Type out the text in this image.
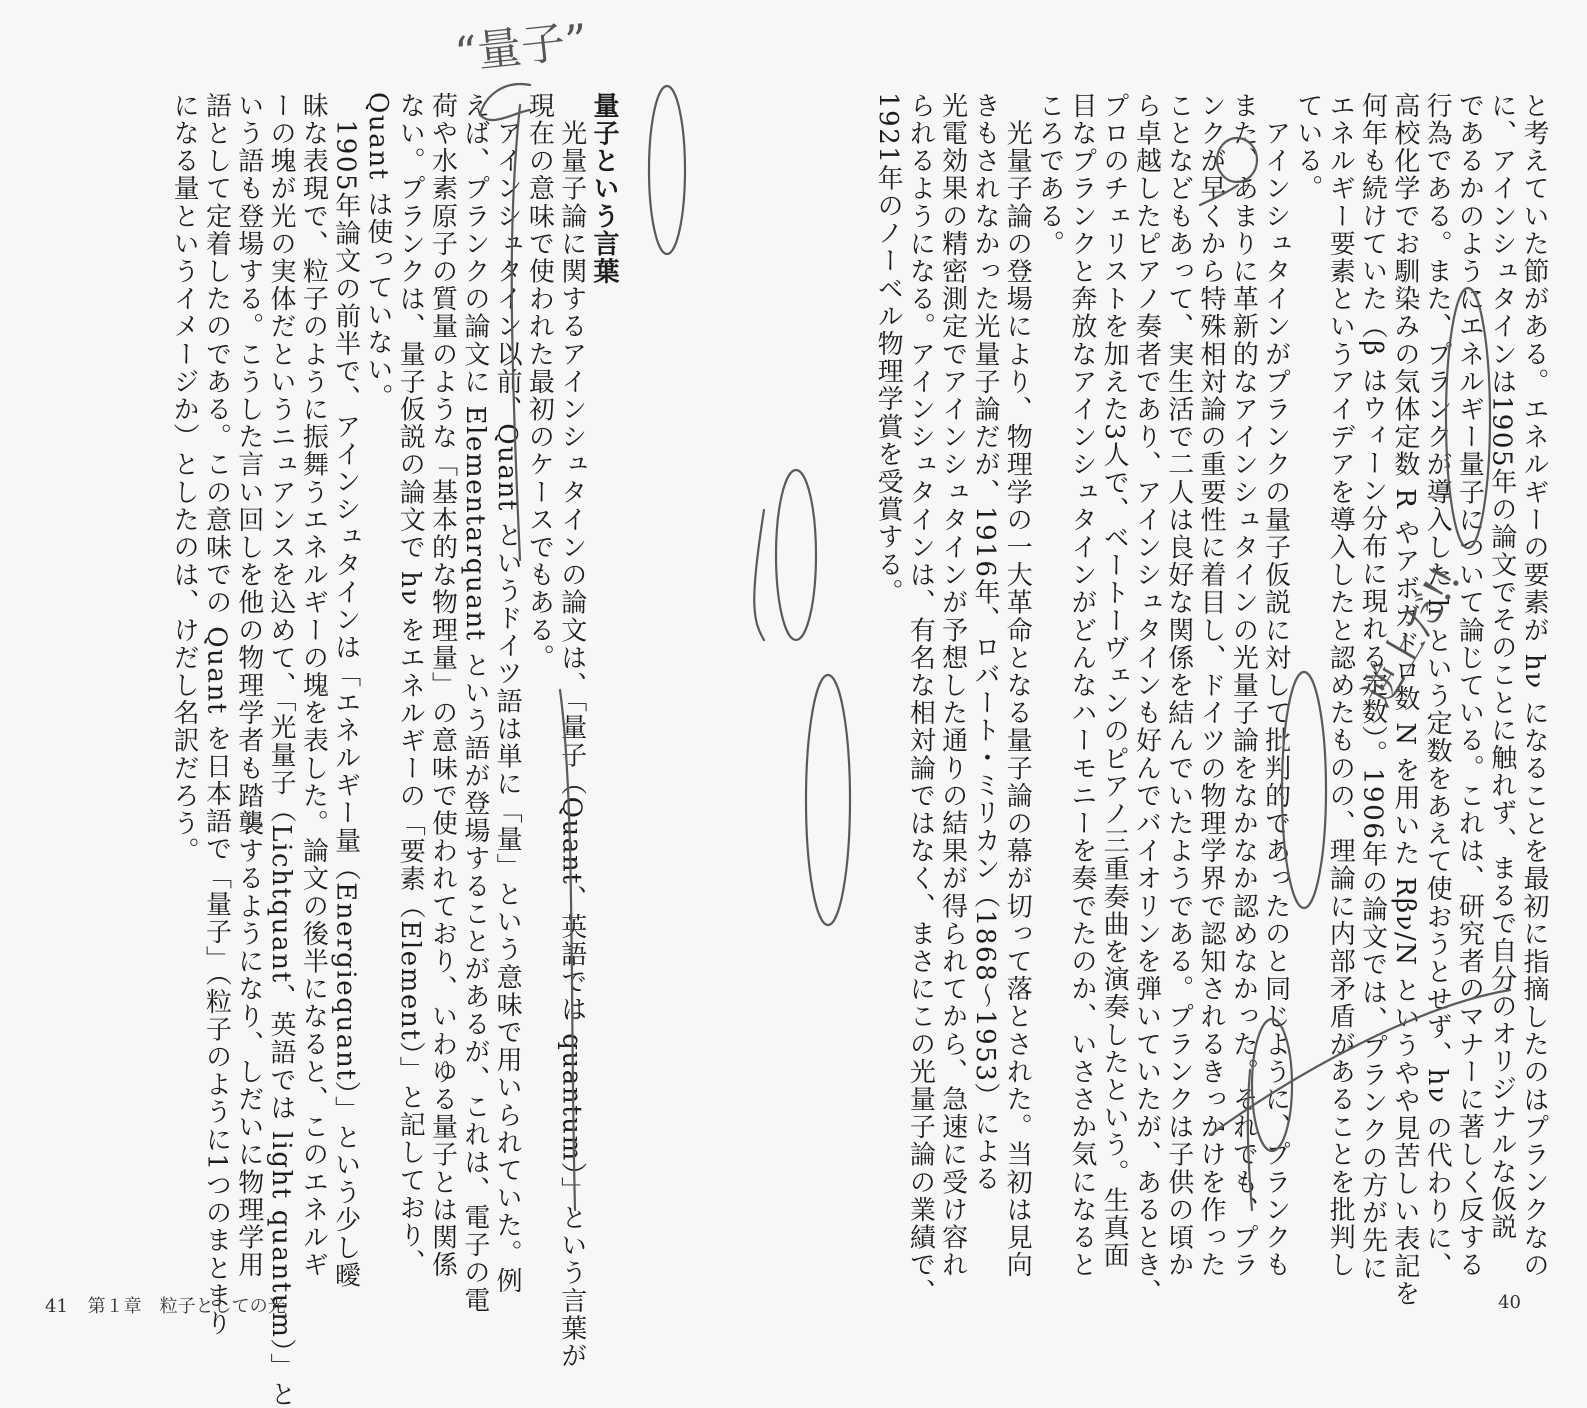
と考えていた節がある。エネルギーの要素が hν になることを最初に指摘したのはプランクなの
に、アインシュタインは1905年の論文でそのことに触れず、まるで自分のオリジナルな仮説
であるかのようにエネルギー量子について論じている。これは、研究者のマナーに著しく反する
行為である。また、プランクが導入した h という定数をあえて使おうとせず、hν の代わりに、
高校化学でお馴染みの気体定数 R やアボガドロ数 N を用いた Rβν/N というやや見苦しい表記を
何年も続けていた（β はウィーン分布に現れる定数）。1906年の論文では、プランクの方が先に
エネルギー要素というアイデアを導入したと認めたものの、理論に内部矛盾があることを批判し
ている。
　アインシュタインがプランクの量子仮説に対して批判的であったのと同じように、プランクも
また、あまりに革新的なアインシュタインの光量子論をなかなか認めなかった。それでも、プラ
ンクが早くから特殊相対論の重要性に着目し、ドイツの物理学界で認知されるきっかけを作った
ことなどもあって、実生活で二人は良好な関係を結んでいたようである。プランクは子供の頃か
ら卓越したピアノ奏者であり、アインシュタインも好んでバイオリンを弾いていたが、あるとき、
プロのチェリストを加えた3人で、ベートーヴェンのピアノ三重奏曲を演奏したという。生真面
目なプランクと奔放なアインシュタインがどんなハーモニーを奏でたのか、いささか気になると
ころである。
　光量子論の登場により、物理学の一大革命となる量子論の幕が切って落とされた。当初は見向
きもされなかった光量子論だが、1916年、ロバート・ミリカン（1868〜1953）による
光電効果の精密測定でアインシュタインが予想した通りの結果が得られてから、急速に受け容れ
られるようになる。アインシュタインは、有名な相対論ではなく、まさにこの光量子論の業績で、
1921年のノーベル物理学賞を受賞する。
量子という言葉
　光量子論に関するアインシュタインの論文は、「量子（Quant、英語では quantum）」という言葉が
現在の意味で使われた最初のケースでもある。
　アインシュタイン以前、Quant というドイツ語は単に「量」という意味で用いられていた。例
えば、プランクの論文に Elementarquant という語が登場することがあるが、これは、電子の電
荷や水素原子の質量のような「基本的な物理量」の意味で使われており、いわゆる量子とは関係
ない。プランクは、量子仮説の論文で hν をエネルギーの「要素（Element）」と記しており、
Quant は使っていない。
　1905年論文の前半で、アインシュタインは「エネルギー量（Energiequant）」という少し曖
昧な表現で、粒子のように振舞うエネルギーの塊を表した。論文の後半になると、このエネルギ
ーの塊が光の実体だというニュアンスを込めて、「光量子（Lichtquant、英語では light quantum）」と
いう語も登場する。こうした言い回しを他の物理学者も踏襲するようになり、しだいに物理学用
語として定着したのである。この意味での Quant を日本語で「量子」（粒子のように1つのまとまり
になる量というイメージか）としたのは、けだし名訳だろう。
41 第１章　粒子としての光	40
“量子”
逆上だ!!
